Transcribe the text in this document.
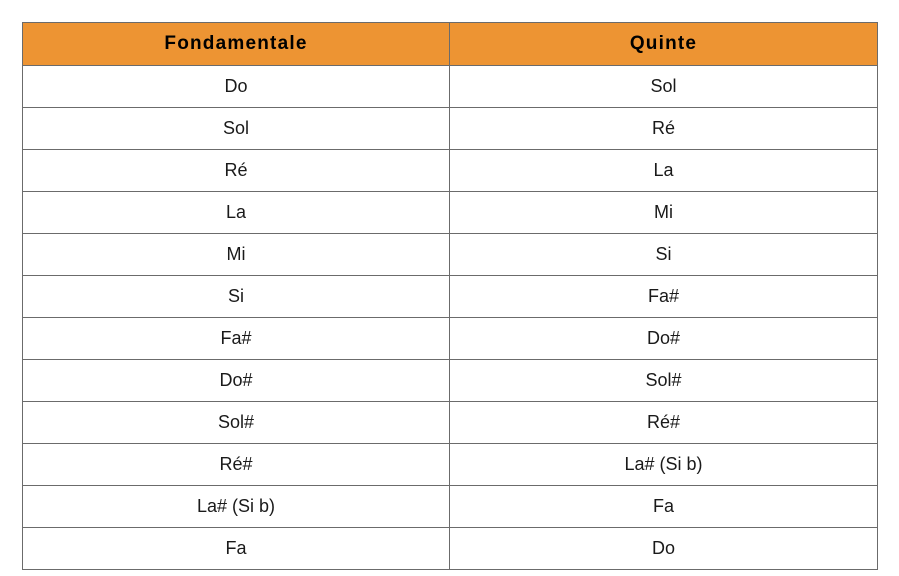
Fondamentale	Quinte
Do	Sol
Sol	Ré
Ré	La
La	Mi
Mi	Si
Si	Fa#
Fa#	Do#
Do#	Sol#
Sol#	Ré#
Ré#	La# (Si b)
La# (Si b)	Fa
Fa	Do
